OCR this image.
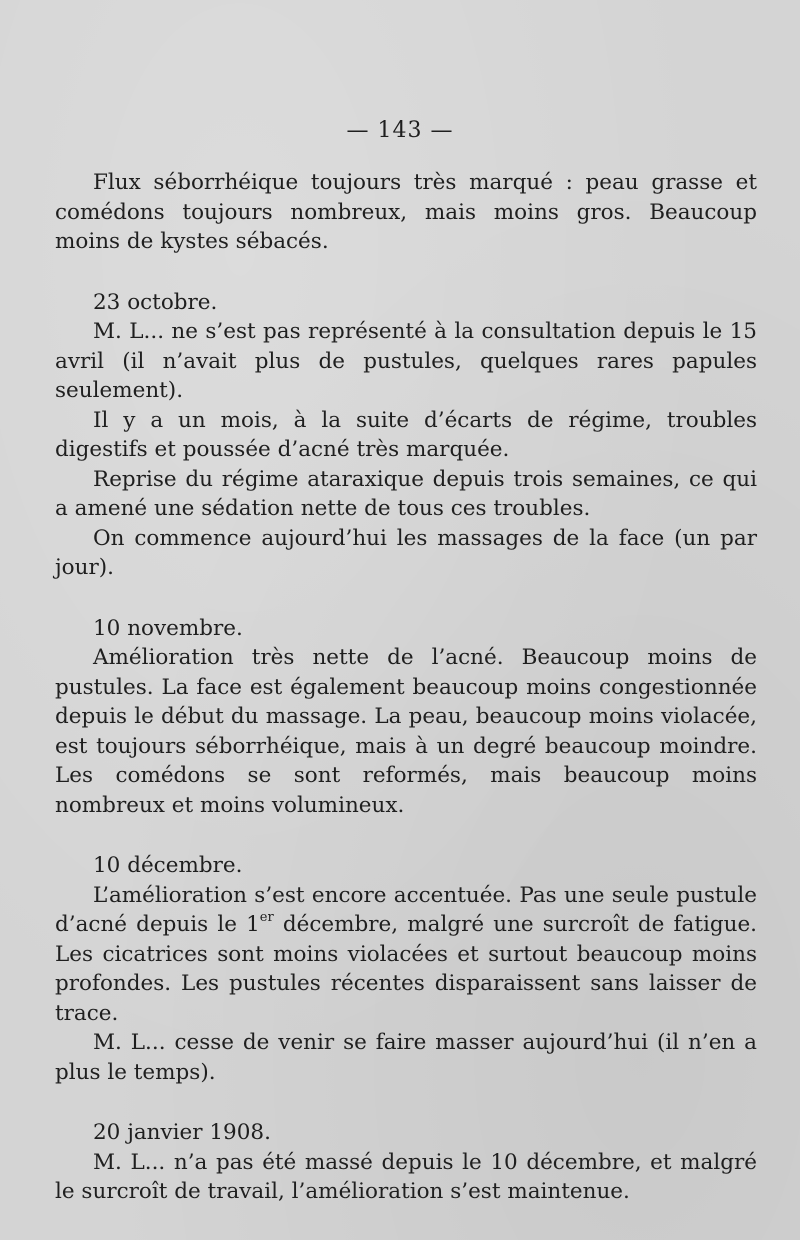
— 143 —

Flux séborrhéique toujours très marqué : peau grasse et comédons toujours nombreux, mais moins gros. Beaucoup moins de kystes sébacés.

23 octobre.

M. L... ne s’est pas représenté à la consultation depuis le 15 avril (il n’avait plus de pustules, quelques rares papules seulement).

Il y a un mois, à la suite d’écarts de régime, troubles digestifs et poussée d’acné très marquée.

Reprise du régime ataraxique depuis trois semaines, ce qui a amené une sédation nette de tous ces troubles.

On commence aujourd’hui les massages de la face (un par jour).

10 novembre.

Amélioration très nette de l’acné. Beaucoup moins de pustules. La face est également beaucoup moins congestionnée depuis le début du massage. La peau, beaucoup moins violacée, est toujours séborrhéique, mais à un degré beaucoup moindre. Les comédons se sont reformés, mais beaucoup moins nombreux et moins volumineux.

10 décembre.

L’amélioration s’est encore accentuée. Pas une seule pustule d’acné depuis le 1er décembre, malgré une surcroît de fatigue. Les cicatrices sont moins violacées et surtout beaucoup moins profondes. Les pustules récentes disparaissent sans laisser de trace.

M. L... cesse de venir se faire masser aujourd’hui (il n’en a plus le temps).

20 janvier 1908.

M. L... n’a pas été massé depuis le 10 décembre, et malgré le surcroît de travail, l’amélioration s’est maintenue.
